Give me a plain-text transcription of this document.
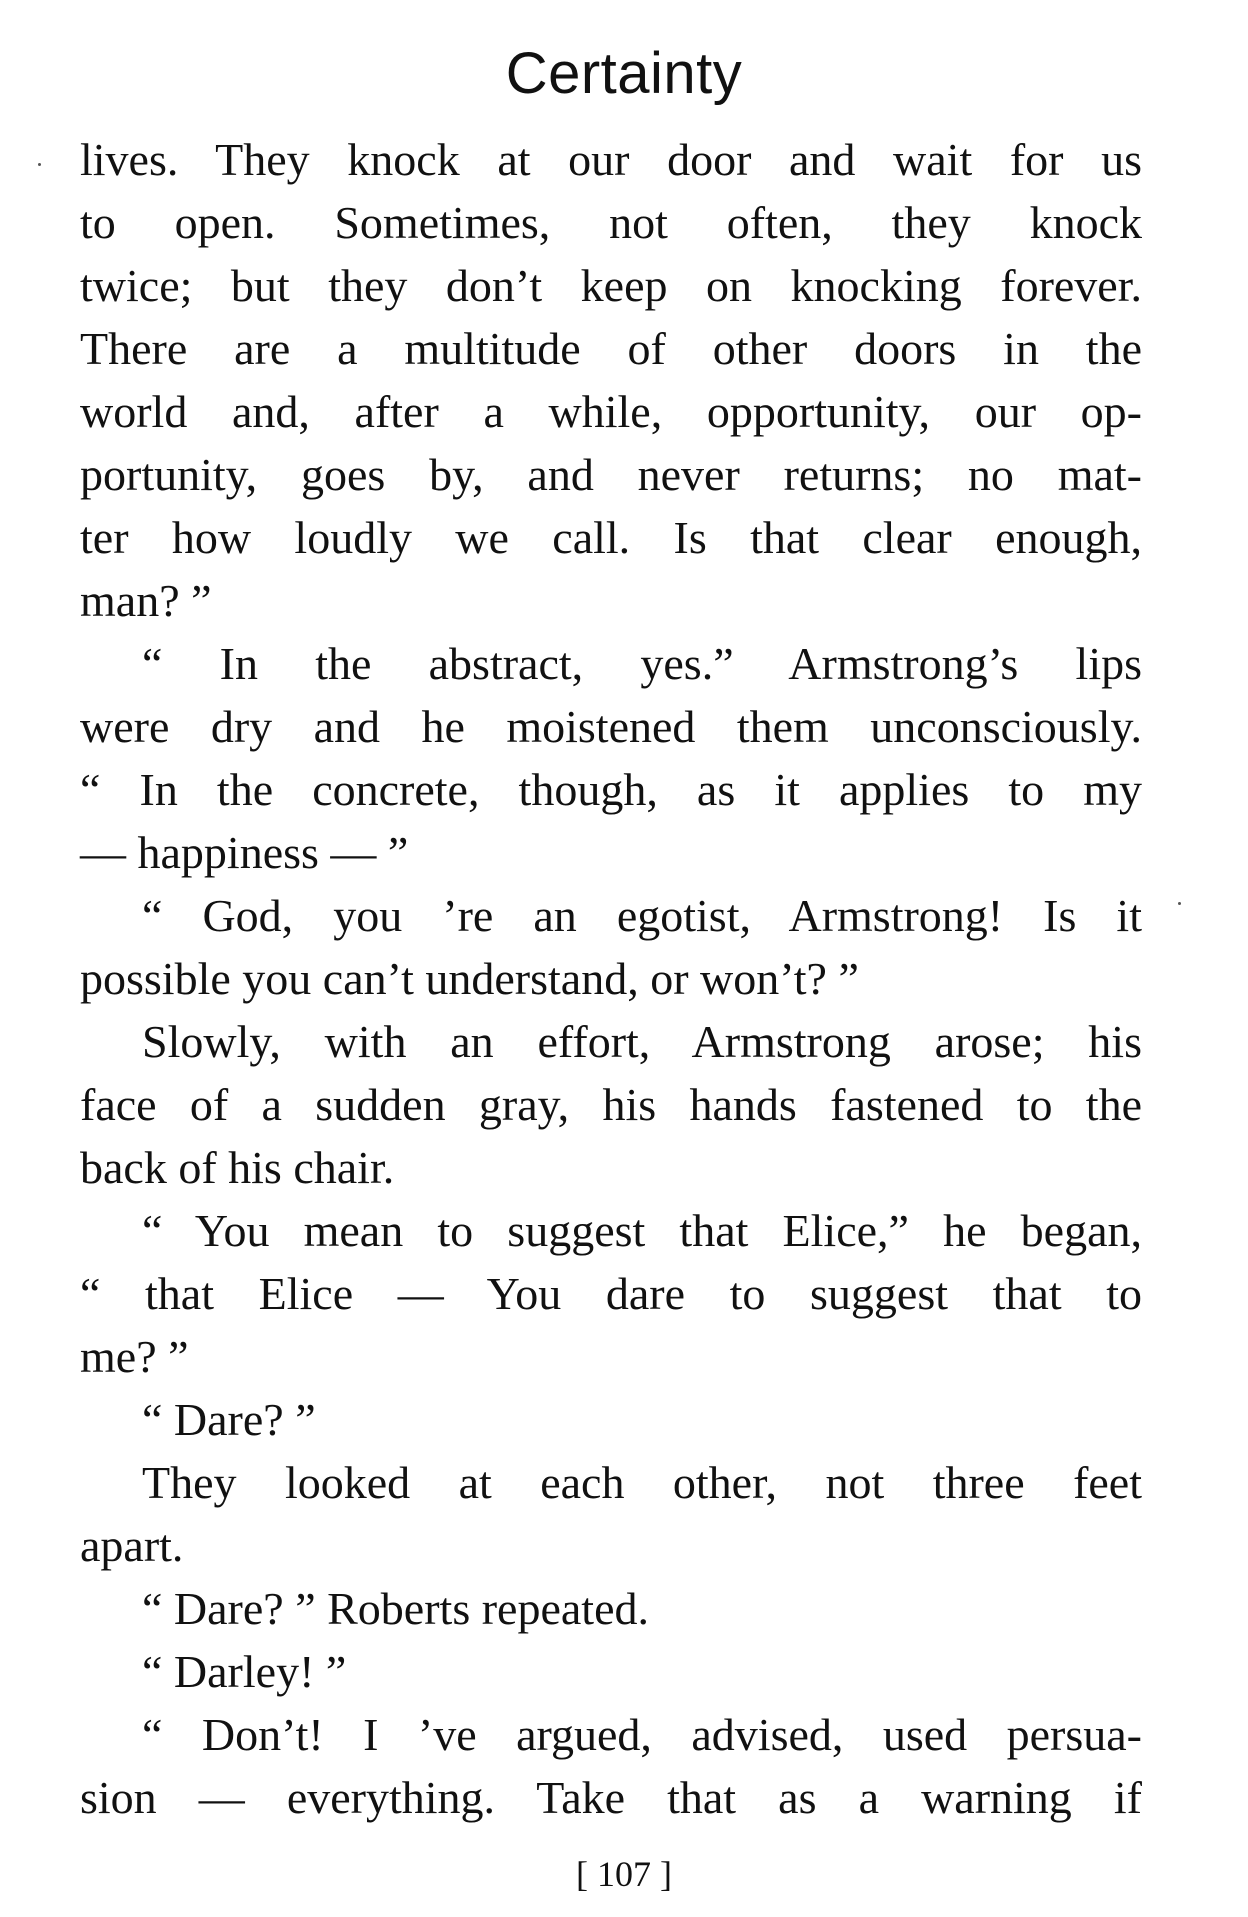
Certainty
lives. They knock at our door and wait for us
to open. Sometimes, not often, they knock
twice; but they don’t keep on knocking forever.
There are a multitude of other doors in the
world and, after a while, opportunity, our op-
portunity, goes by, and never returns; no mat-
ter how loudly we call. Is that clear enough,
man? ”
“ In the abstract, yes.” Armstrong’s lips
were dry and he moistened them unconsciously.
“ In the concrete, though, as it applies to my
— happiness — ”
“ God, you ’re an egotist, Armstrong! Is it
possible you can’t understand, or won’t? ”
Slowly, with an effort, Armstrong arose; his
face of a sudden gray, his hands fastened to the
back of his chair.
“ You mean to suggest that Elice,” he began,
“ that Elice — You dare to suggest that to
me? ”
“ Dare? ”
They looked at each other, not three feet
apart.
“ Dare? ” Roberts repeated.
“ Darley! ”
“ Don’t! I ’ve argued, advised, used persua-
sion — everything. Take that as a warning if
[ 107 ]
